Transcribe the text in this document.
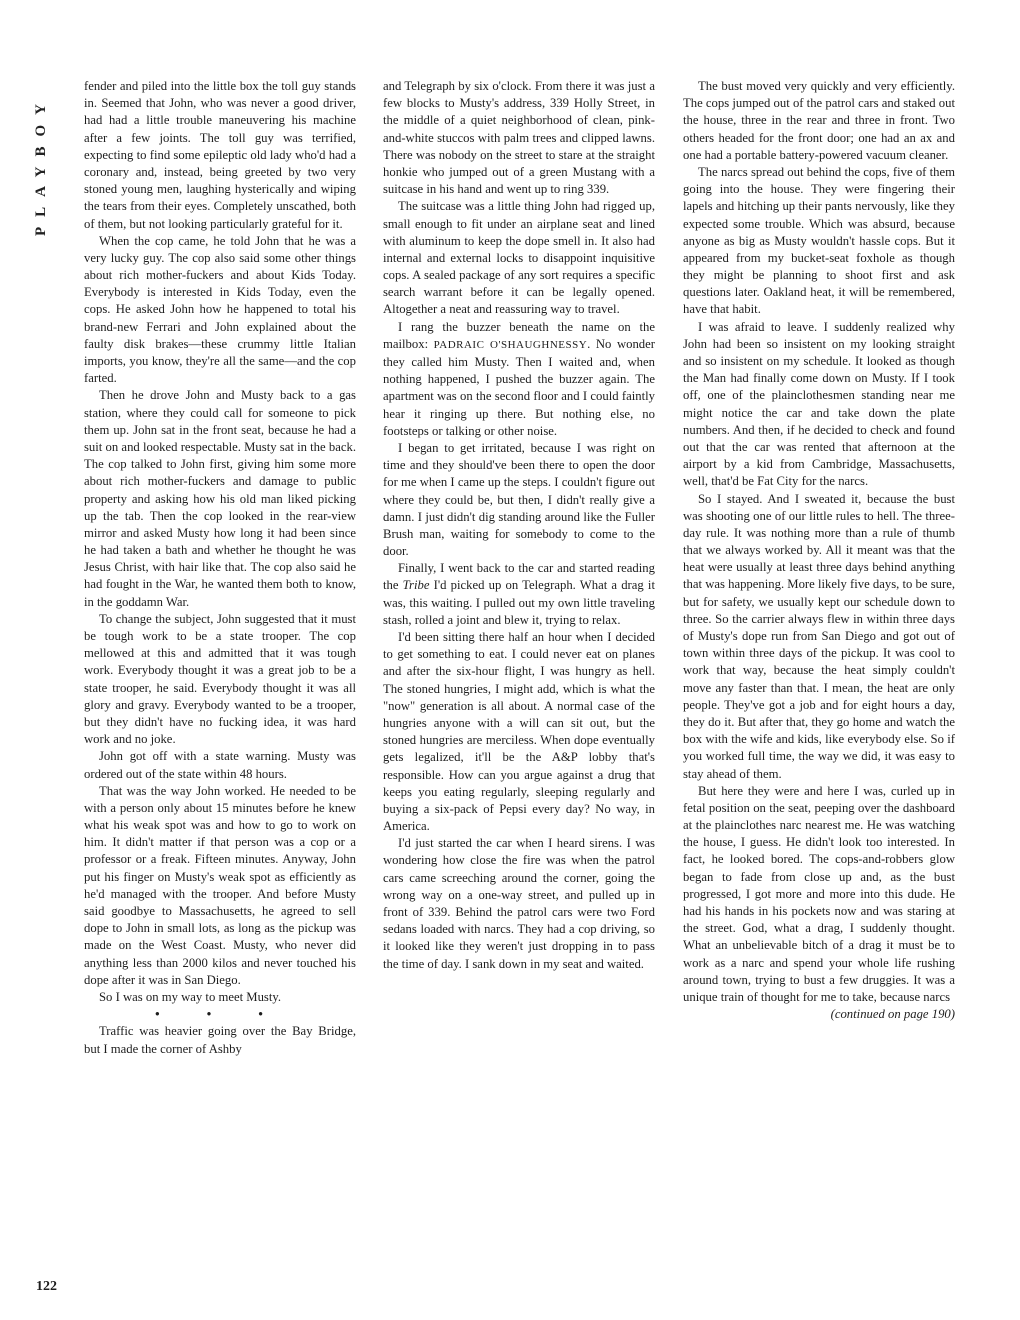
PLAYBOY

fender and piled into the little box the toll guy stands in. Seemed that John, who was never a good driver, had had a little trouble maneuvering his machine after a few joints. The toll guy was terrified, expecting to find some epileptic old lady who'd had a coronary and, instead, being greeted by two very stoned young men, laughing hysterically and wiping the tears from their eyes. Completely unscathed, both of them, but not looking particularly grateful for it.

When the cop came, he told John that he was a very lucky guy. The cop also said some other things about rich mother-fuckers and about Kids Today. Everybody is interested in Kids Today, even the cops. He asked John how he happened to total his brand-new Ferrari and John explained about the faulty disk brakes—these crummy little Italian imports, you know, they're all the same—and the cop farted.

Then he drove John and Musty back to a gas station, where they could call for someone to pick them up. John sat in the front seat, because he had a suit on and looked respectable. Musty sat in the back. The cop talked to John first, giving him some more about rich mother-fuckers and damage to public property and asking how his old man liked picking up the tab. Then the cop looked in the rear-view mirror and asked Musty how long it had been since he had taken a bath and whether he thought he was Jesus Christ, with hair like that. The cop also said he had fought in the War, he wanted them both to know, in the goddamn War.

To change the subject, John suggested that it must be tough work to be a state trooper. The cop mellowed at this and admitted that it was tough work. Everybody thought it was a great job to be a state trooper, he said. Everybody thought it was all glory and gravy. Everybody wanted to be a trooper, but they didn't have no fucking idea, it was hard work and no joke.

John got off with a state warning. Musty was ordered out of the state within 48 hours.

That was the way John worked. He needed to be with a person only about 15 minutes before he knew what his weak spot was and how to go to work on him. It didn't matter if that person was a cop or a professor or a freak. Fifteen minutes. Anyway, John put his finger on Musty's weak spot as efficiently as he'd managed with the trooper. And before Musty said goodbye to Massachusetts, he agreed to sell dope to John in small lots, as long as the pickup was made on the West Coast. Musty, who never did anything less than 2000 kilos and never touched his dope after it was in San Diego.

So I was on my way to meet Musty.

• • •

Traffic was heavier going over the Bay Bridge, but I made the corner of Ashby

and Telegraph by six o'clock. From there it was just a few blocks to Musty's address, 339 Holly Street, in the middle of a quiet neighborhood of clean, pink-and-white stuccos with palm trees and clipped lawns. There was nobody on the street to stare at the straight honkie who jumped out of a green Mustang with a suitcase in his hand and went up to ring 339.

The suitcase was a little thing John had rigged up, small enough to fit under an airplane seat and lined with aluminum to keep the dope smell in. It also had internal and external locks to disappoint inquisitive cops. A sealed package of any sort requires a specific search warrant before it can be legally opened. Altogether a neat and reassuring way to travel.

I rang the buzzer beneath the name on the mailbox: PADRAIC O'SHAUGHNESSY. No wonder they called him Musty. Then I waited and, when nothing happened, I pushed the buzzer again. The apartment was on the second floor and I could faintly hear it ringing up there. But nothing else, no footsteps or talking or other noise.

I began to get irritated, because I was right on time and they should've been there to open the door for me when I came up the steps. I couldn't figure out where they could be, but then, I didn't really give a damn. I just didn't dig standing around like the Fuller Brush man, waiting for somebody to come to the door.

Finally, I went back to the car and started reading the Tribe I'd picked up on Telegraph. What a drag it was, this waiting. I pulled out my own little traveling stash, rolled a joint and blew it, trying to relax.

I'd been sitting there half an hour when I decided to get something to eat. I could never eat on planes and after the six-hour flight, I was hungry as hell. The stoned hungries, I might add, which is what the "now" generation is all about. A normal case of the hungries anyone with a will can sit out, but the stoned hungries are merciless. When dope eventually gets legalized, it'll be the A&P lobby that's responsible. How can you argue against a drug that keeps you eating regularly, sleeping regularly and buying a six-pack of Pepsi every day? No way, in America.

I'd just started the car when I heard sirens. I was wondering how close the fire was when the patrol cars came screeching around the corner, going the wrong way on a one-way street, and pulled up in front of 339. Behind the patrol cars were two Ford sedans loaded with narcs. They had a cop driving, so it looked like they weren't just dropping in to pass the time of day. I sank down in my seat and waited.

The bust moved very quickly and very efficiently. The cops jumped out of the patrol cars and staked out the house, three in the rear and three in front. Two others headed for the front door; one had an ax and one had a portable battery-powered vacuum cleaner.

The narcs spread out behind the cops, five of them going into the house. They were fingering their lapels and hitching up their pants nervously, like they expected some trouble. Which was absurd, because anyone as big as Musty wouldn't hassle cops. But it appeared from my bucket-seat foxhole as though they might be planning to shoot first and ask questions later. Oakland heat, it will be remembered, have that habit.

I was afraid to leave. I suddenly realized why John had been so insistent on my looking straight and so insistent on my schedule. It looked as though the Man had finally come down on Musty. If I took off, one of the plainclothesmen standing near me might notice the car and take down the plate numbers. And then, if he decided to check and found out that the car was rented that afternoon at the airport by a kid from Cambridge, Massachusetts, well, that'd be Fat City for the narcs.

So I stayed. And I sweated it, because the bust was shooting one of our little rules to hell. The three-day rule. It was nothing more than a rule of thumb that we always worked by. All it meant was that the heat were usually at least three days behind anything that was happening. More likely five days, to be sure, but for safety, we usually kept our schedule down to three. So the carrier always flew in within three days of Musty's dope run from San Diego and got out of town within three days of the pickup. It was cool to work that way, because the heat simply couldn't move any faster than that. I mean, the heat are only people. They've got a job and for eight hours a day, they do it. But after that, they go home and watch the box with the wife and kids, like everybody else. So if you worked full time, the way we did, it was easy to stay ahead of them.

But here they were and here I was, curled up in fetal position on the seat, peeping over the dashboard at the plainclothes narc nearest me. He was watching the house, I guess. He didn't look too interested. In fact, he looked bored. The cops-and-robbers glow began to fade from close up and, as the bust progressed, I got more and more into this dude. He had his hands in his pockets now and was staring at the street. God, what a drag, I suddenly thought. What an unbelievable bitch of a drag it must be to work as a narc and spend your whole life rushing around town, trying to bust a few druggies. It was a unique train of thought for me to take, because narcs

(continued on page 190)

122
